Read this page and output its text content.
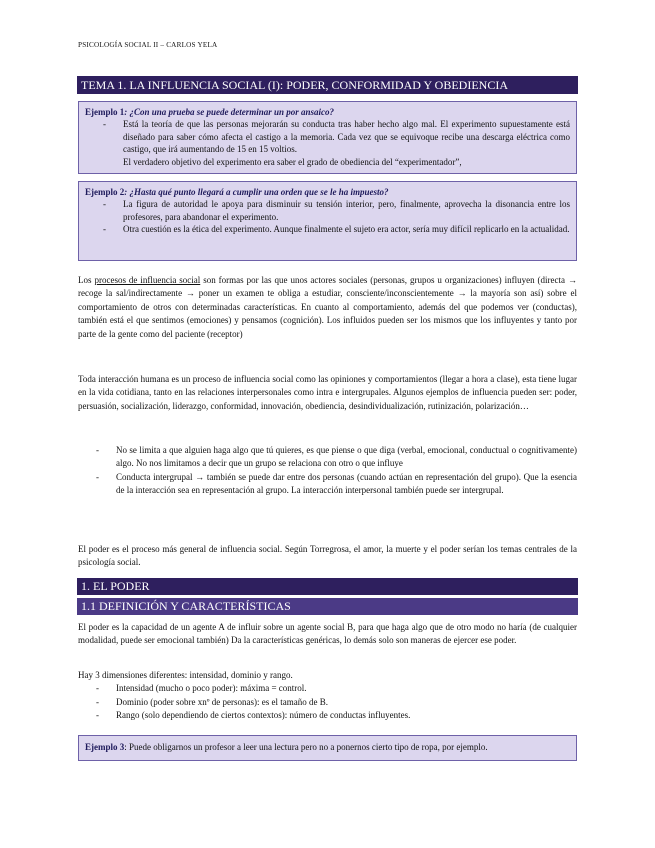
PSICOLOGÍA SOCIAL II – CARLOS YELA
TEMA 1. LA INFLUENCIA SOCIAL (I): PODER, CONFORMIDAD Y OBEDIENCIA
Ejemplo 1: ¿Con una prueba se puede determinar un por ansaico?
- Está la teoría de que las personas mejorarán su conducta tras haber hecho algo mal. El experimento supuestamente está diseñado para saber cómo afecta el castigo a la memoria. Cada vez que se equivoque recibe una descarga eléctrica como castigo, que irá aumentando de 15 en 15 voltios.
El verdadero objetivo del experimento era saber el grado de obediencia del “experimentador”,
Ejemplo 2: ¿Hasta qué punto llegará a cumplir una orden que se le ha impuesto?
- La figura de autoridad le apoya para disminuir su tensión interior, pero, finalmente, aprovecha la disonancia entre los profesores, para abandonar el experimento.
- Otra cuestión es la ética del experimento. Aunque finalmente el sujeto era actor, sería muy difícil replicarlo en la actualidad.
Los procesos de influencia social son formas por las que unos actores sociales (personas, grupos u organizaciones) influyen (directa → recoge la sal/indirectamente → poner un examen te obliga a estudiar, consciente/inconscientemente → la mayoría son así) sobre el comportamiento de otros con determinadas características. En cuanto al comportamiento, además del que podemos ver (conductas), también está el que sentimos (emociones) y pensamos (cognición). Los influidos pueden ser los mismos que los influyentes y tanto por parte de la gente como del paciente (receptor)
Toda interacción humana es un proceso de influencia social como las opiniones y comportamientos (llegar a hora a clase), esta tiene lugar en la vida cotidiana, tanto en las relaciones interpersonales como intra e intergrupales. Algunos ejemplos de influencia pueden ser: poder, persuasión, socialización, liderazgo, conformidad, innovación, obediencia, desindividualización, rutinización, polarización…
- No se limita a que alguien haga algo que tú quieres, es que piense o que diga (verbal, emocional, conductual o cognitivamente) algo. No nos limitamos a decir que un grupo se relaciona con otro o que influye
- Conducta intergrupal → también se puede dar entre dos personas (cuando actúan en representación del grupo). Que la esencia de la interacción sea en representación al grupo. La interacción interpersonal también puede ser intergrupal.
El poder es el proceso más general de influencia social. Según Torregrosa, el amor, la muerte y el poder serían los temas centrales de la psicología social.
1. EL PODER
1.1 DEFINICIÓN Y CARACTERÍSTICAS
El poder es la capacidad de un agente A de influir sobre un agente social B, para que haga algo que de otro modo no haría (de cualquier modalidad, puede ser emocional también) Da la características genéricas, lo demás solo son maneras de ejercer ese poder.
Hay 3 dimensiones diferentes: intensidad, dominio y rango.
- Intensidad (mucho o poco poder): máxima = control.
- Dominio (poder sobre xnº de personas): es el tamaño de B.
- Rango (solo dependiendo de ciertos contextos): número de conductas influyentes.
Ejemplo 3: Puede obligarnos un profesor a leer una lectura pero no a ponernos cierto tipo de ropa, por ejemplo.
